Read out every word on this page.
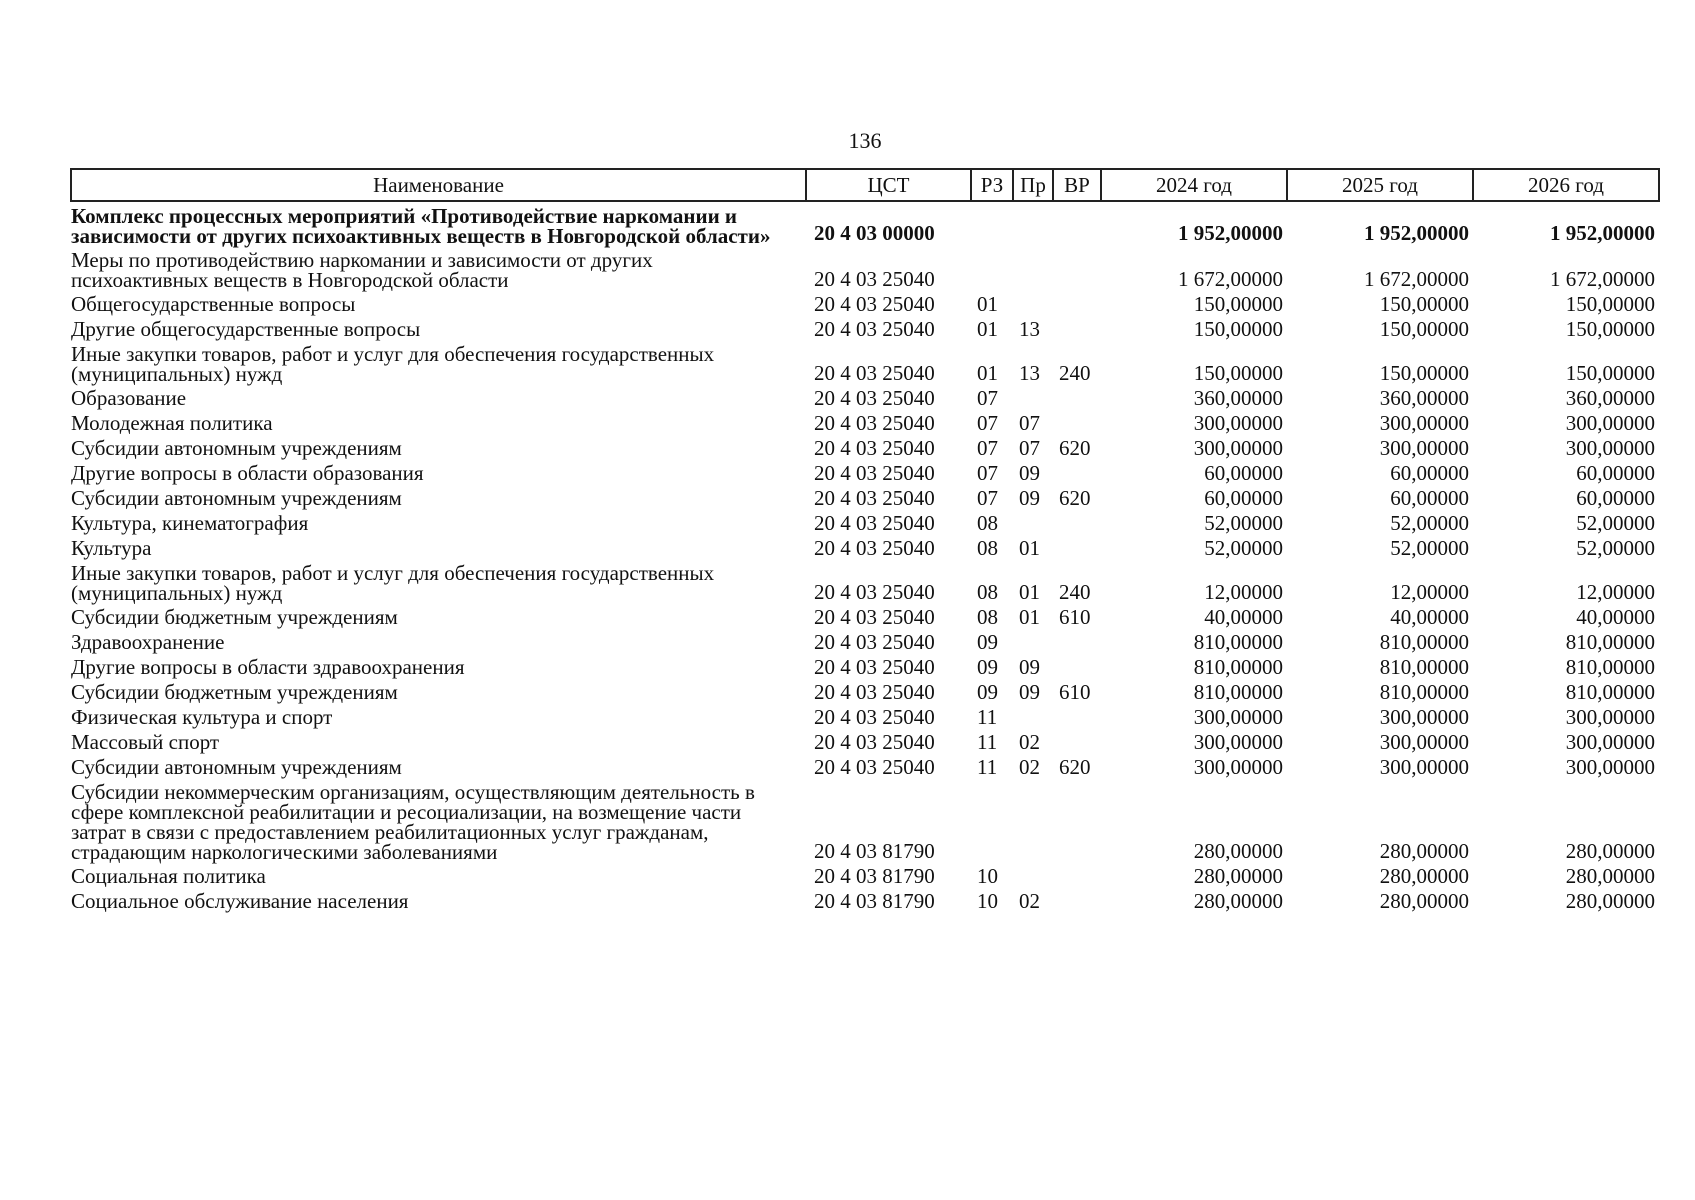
136
Наименование	ЦСТ	РЗ	Пр	ВР	2024 год	2025 год	2026 год
Комплекс процессных мероприятий «Противодействие наркомании и зависимости от других психоактивных веществ в Новгородской области»	20 4 03 00000				1 952,00000	1 952,00000	1 952,00000
Меры по противодействию наркомании и зависимости от других психоактивных веществ в Новгородской области	20 4 03 25040				1 672,00000	1 672,00000	1 672,00000
Общегосударственные вопросы	20 4 03 25040	01			150,00000	150,00000	150,00000
Другие общегосударственные вопросы	20 4 03 25040	01	13		150,00000	150,00000	150,00000
Иные закупки товаров, работ и услуг для обеспечения государственных (муниципальных) нужд	20 4 03 25040	01	13	240	150,00000	150,00000	150,00000
Образование	20 4 03 25040	07			360,00000	360,00000	360,00000
Молодежная политика	20 4 03 25040	07	07		300,00000	300,00000	300,00000
Субсидии автономным учреждениям	20 4 03 25040	07	07	620	300,00000	300,00000	300,00000
Другие вопросы в области образования	20 4 03 25040	07	09		60,00000	60,00000	60,00000
Субсидии автономным учреждениям	20 4 03 25040	07	09	620	60,00000	60,00000	60,00000
Культура, кинематография	20 4 03 25040	08			52,00000	52,00000	52,00000
Культура	20 4 03 25040	08	01		52,00000	52,00000	52,00000
Иные закупки товаров, работ и услуг для обеспечения государственных (муниципальных) нужд	20 4 03 25040	08	01	240	12,00000	12,00000	12,00000
Субсидии бюджетным учреждениям	20 4 03 25040	08	01	610	40,00000	40,00000	40,00000
Здравоохранение	20 4 03 25040	09			810,00000	810,00000	810,00000
Другие вопросы в области здравоохранения	20 4 03 25040	09	09		810,00000	810,00000	810,00000
Субсидии бюджетным учреждениям	20 4 03 25040	09	09	610	810,00000	810,00000	810,00000
Физическая культура и спорт	20 4 03 25040	11			300,00000	300,00000	300,00000
Массовый спорт	20 4 03 25040	11	02		300,00000	300,00000	300,00000
Субсидии автономным учреждениям	20 4 03 25040	11	02	620	300,00000	300,00000	300,00000
Субсидии некоммерческим организациям, осуществляющим деятельность в сфере комплексной реабилитации и ресоциализации, на возмещение части затрат в связи с предоставлением реабилитационных услуг гражданам, страдающим наркологическими заболеваниями	20 4 03 81790				280,00000	280,00000	280,00000
Социальная политика	20 4 03 81790	10			280,00000	280,00000	280,00000
Социальное обслуживание населения	20 4 03 81790	10	02		280,00000	280,00000	280,00000
